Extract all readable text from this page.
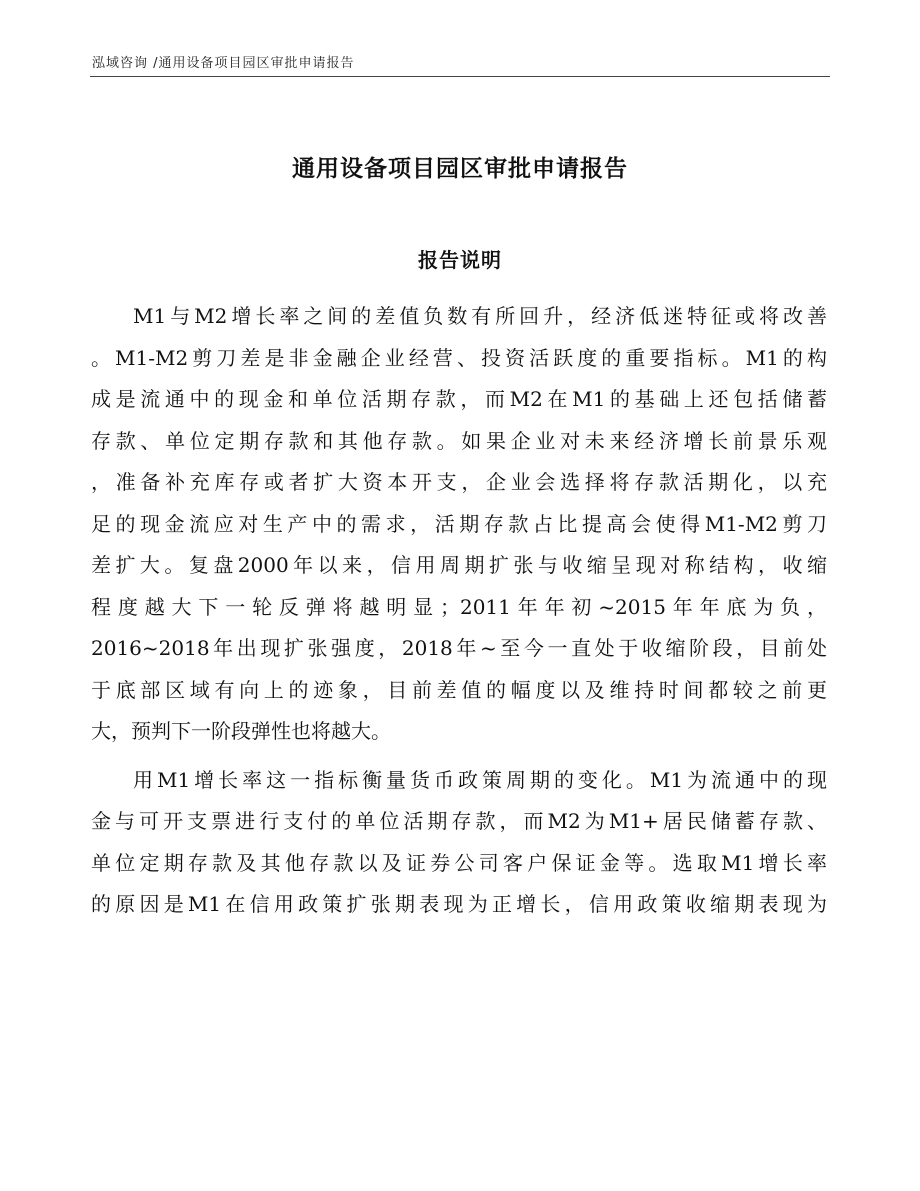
泓域咨询 /通用设备项目园区审批申请报告
通用设备项目园区审批申请报告
报告说明
M1与M2增长率之间的差值负数有所回升，经济低迷特征或将改善
。M1-M2剪刀差是非金融企业经营、投资活跃度的重要指标。M1的构
成是流通中的现金和单位活期存款，而M2在M1的基础上还包括储蓄
存款、单位定期存款和其他存款。如果企业对未来经济增长前景乐观
，准备补充库存或者扩大资本开支，企业会选择将存款活期化，以充
足的现金流应对生产中的需求，活期存款占比提高会使得M1-M2剪刀
差扩大。复盘2000年以来，信用周期扩张与收缩呈现对称结构，收缩
程度越大下一轮反弹将越明显；2011年年初~2015年年底为负，
2016~2018年出现扩张强度，2018年~至今一直处于收缩阶段，目前处
于底部区域有向上的迹象，目前差值的幅度以及维持时间都较之前更
大，预判下一阶段弹性也将越大。
用M1增长率这一指标衡量货币政策周期的变化。M1为流通中的现
金与可开支票进行支付的单位活期存款，而M2为M1+居民储蓄存款、
单位定期存款及其他存款以及证券公司客户保证金等。选取M1增长率
的原因是M1在信用政策扩张期表现为正增长，信用政策收缩期表现为
